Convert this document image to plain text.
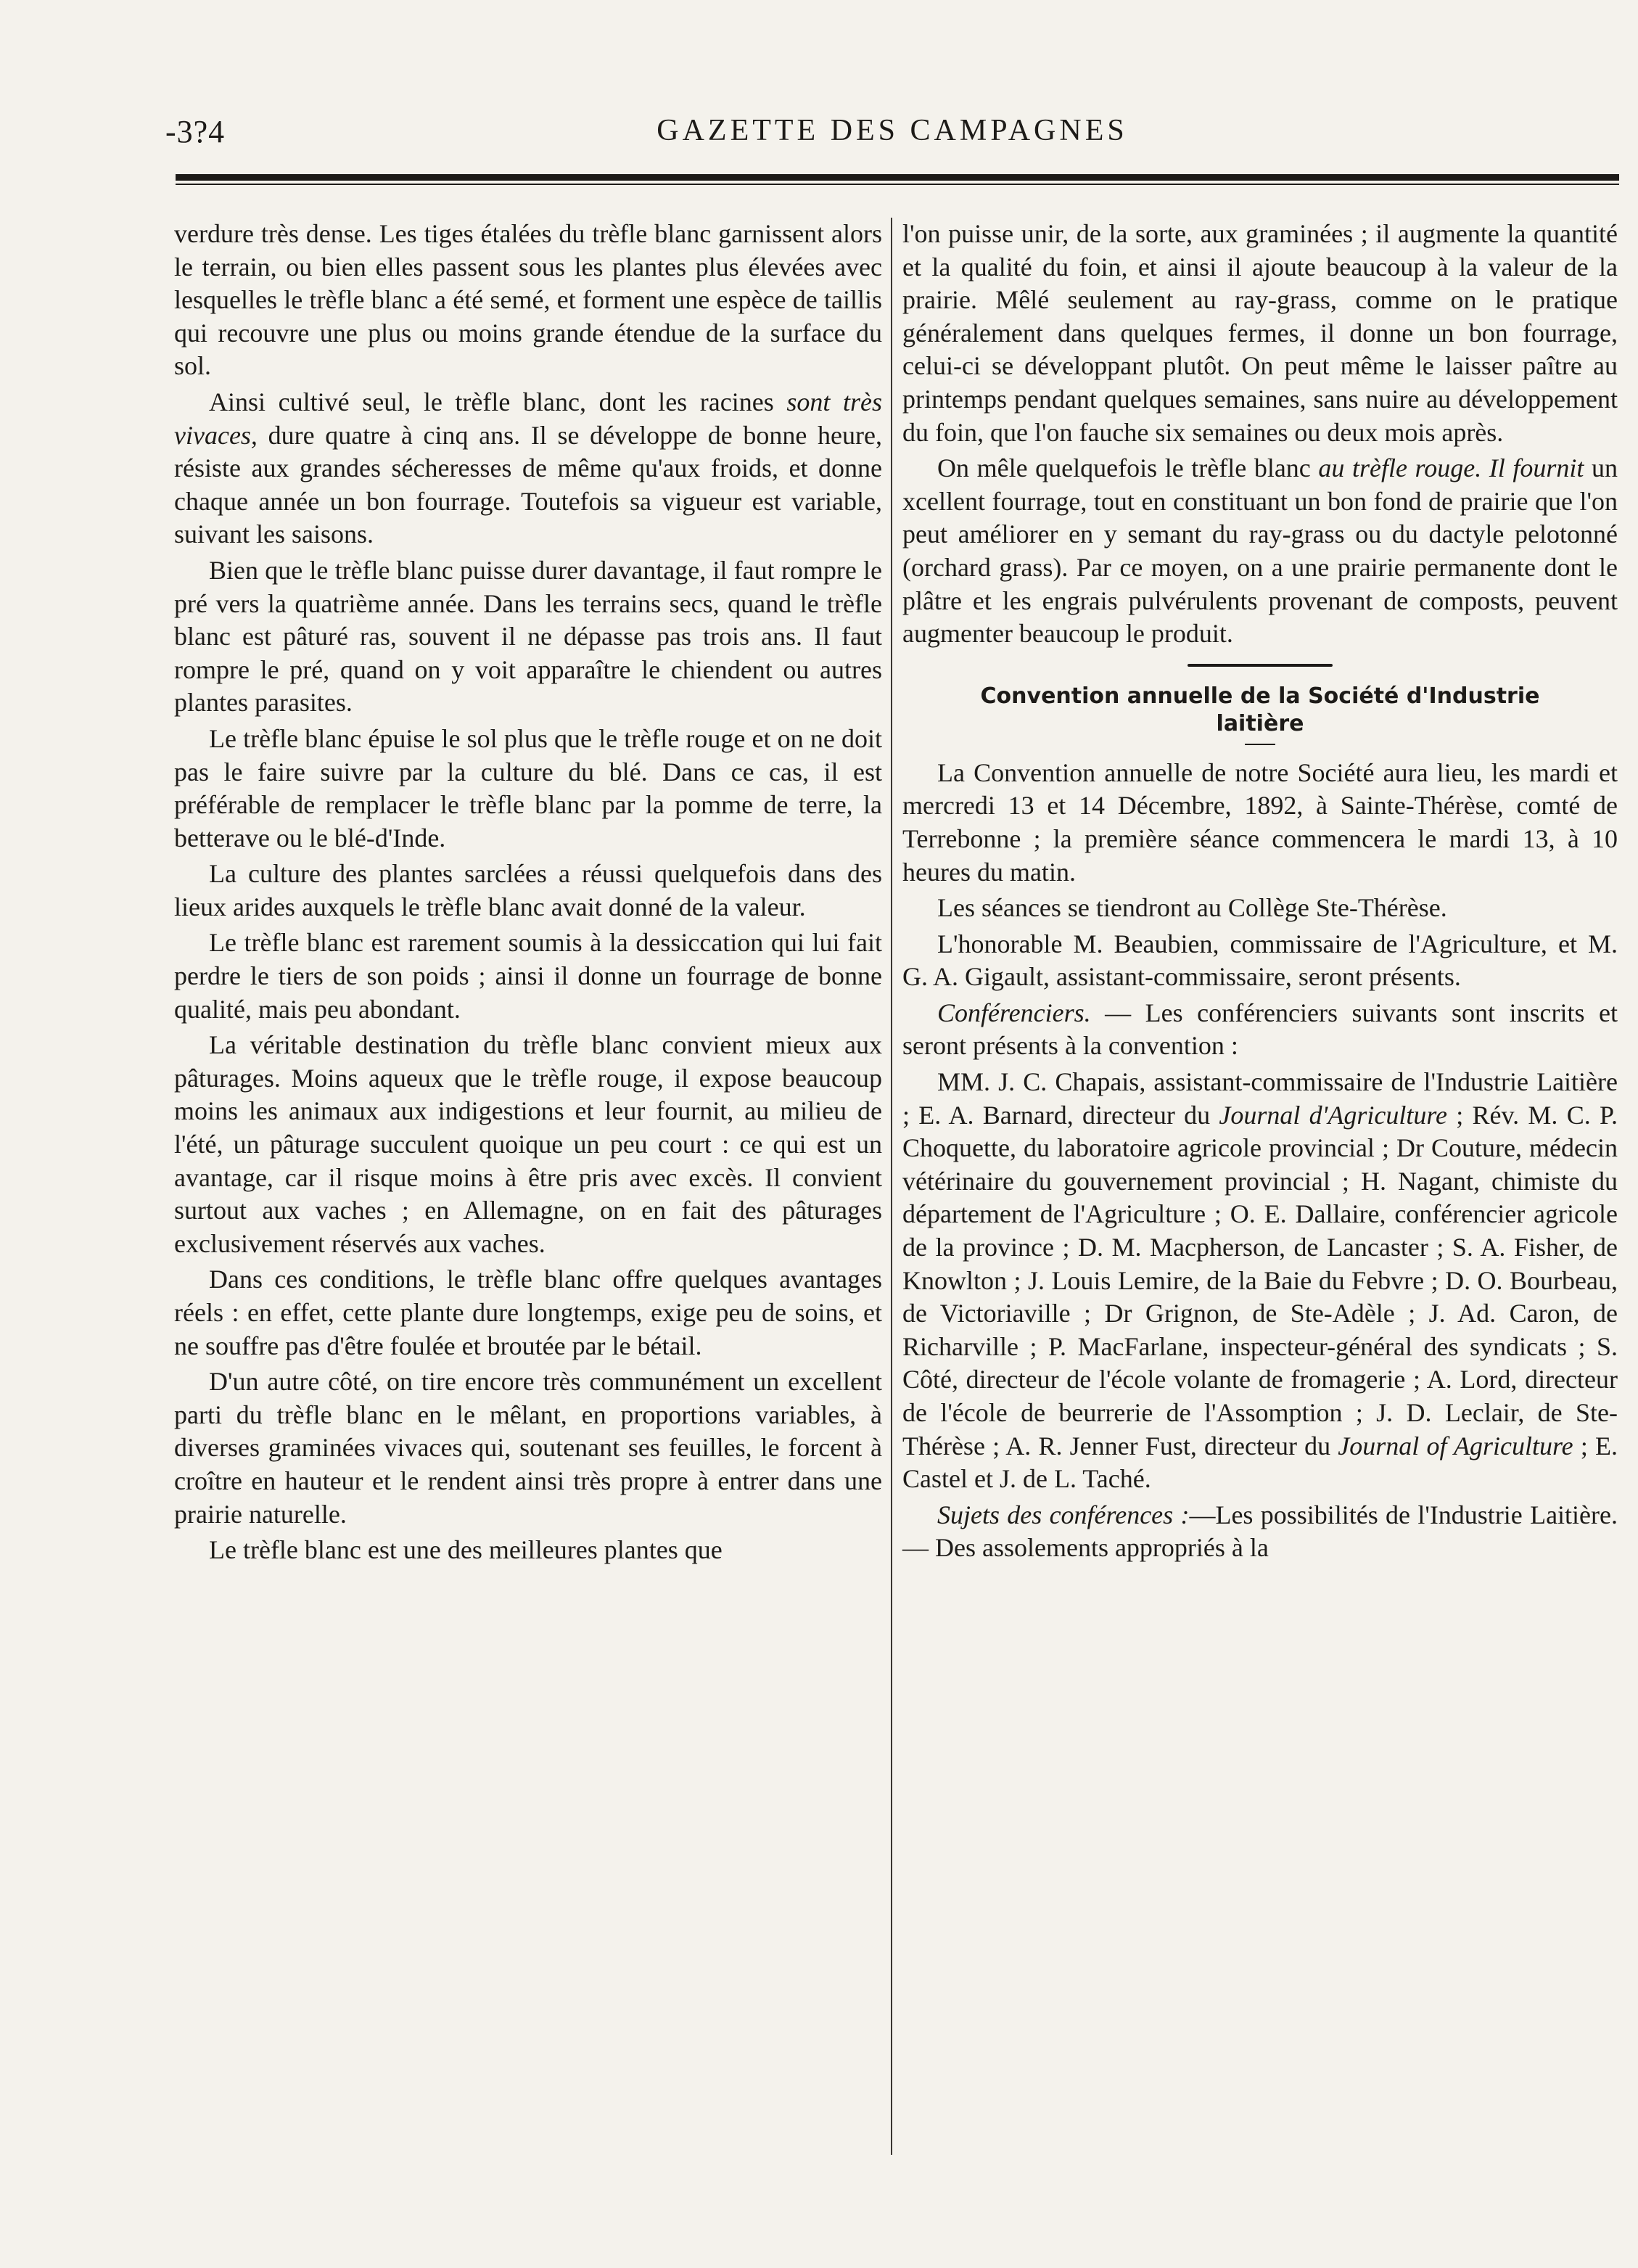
-3?4	GAZETTE DES CAMPAGNES

verdure très dense. Les tiges étalées du trèfle blanc garnissent alors le terrain, ou bien elles passent sous les plantes plus élevées avec lesquelles le trèfle blanc a été semé, et forment une espèce de taillis qui recouvre une plus ou moins grande étendue de la surface du sol.

Ainsi cultivé seul, le trèfle blanc, dont les racines sont très vivaces, dure quatre à cinq ans. Il se développe de bonne heure, résiste aux grandes sécheresses de même qu'aux froids, et donne chaque année un bon fourrage. Toutefois sa vigueur est variable, suivant les saisons.

Bien que le trèfle blanc puisse durer davantage, il faut rompre le pré vers la quatrième année. Dans les terrains secs, quand le trèfle blanc est pâturé ras, souvent il ne dépasse pas trois ans. Il faut rompre le pré, quand on y voit apparaître le chiendent ou autres plantes parasites.

Le trèfle blanc épuise le sol plus que le trèfle rouge et on ne doit pas le faire suivre par la culture du blé. Dans ce cas, il est préférable de remplacer le trèfle blanc par la pomme de terre, la betterave ou le blé-d'Inde.

La culture des plantes sarclées a réussi quelquefois dans des lieux arides auxquels le trèfle blanc avait donné de la valeur.

Le trèfle blanc est rarement soumis à la dessiccation qui lui fait perdre le tiers de son poids ; ainsi il donne un fourrage de bonne qualité, mais peu abondant.

La véritable destination du trèfle blanc convient mieux aux pâturages. Moins aqueux que le trèfle rouge, il expose beaucoup moins les animaux aux indigestions et leur fournit, au milieu de l'été, un pâturage succulent quoique un peu court : ce qui est un avantage, car il risque moins à être pris avec excès. Il convient surtout aux vaches ; en Allemagne, on en fait des pâturages exclusivement réservés aux vaches.

Dans ces conditions, le trèfle blanc offre quelques avantages réels : en effet, cette plante dure longtemps, exige peu de soins, et ne souffre pas d'être foulée et broutée par le bétail.

D'un autre côté, on tire encore très communément un excellent parti du trèfle blanc en le mêlant, en proportions variables, à diverses graminées vivaces qui, soutenant ses feuilles, le forcent à croître en hauteur et le rendent ainsi très propre à entrer dans une prairie naturelle.

Le trèfle blanc est une des meilleures plantes que

l'on puisse unir, de la sorte, aux graminées ; il augmente la quantité et la qualité du foin, et ainsi il ajoute beaucoup à la valeur de la prairie. Mêlé seulement au ray-grass, comme on le pratique généralement dans quelques fermes, il donne un bon fourrage, celui-ci se développant plutôt. On peut même le laisser paître au printemps pendant quelques semaines, sans nuire au développement du foin, que l'on fauche six semaines ou deux mois après.

On mêle quelquefois le trèfle blanc au trèfle rouge. Il fournit un xcellent fourrage, tout en constituant un bon fond de prairie que l'on peut améliorer en y semant du ray-grass ou du dactyle pelotonné (orchard grass). Par ce moyen, on a une prairie permanente dont le plâtre et les engrais pulvérulents provenant de composts, peuvent augmenter beaucoup le produit.

Convention annuelle de la Société d'Industrie
laitière

La Convention annuelle de notre Société aura lieu, les mardi et mercredi 13 et 14 Décembre, 1892, à Sainte-Thérèse, comté de Terrebonne ; la première séance commencera le mardi 13, à 10 heures du matin.

Les séances se tiendront au Collège Ste-Thérèse.

L'honorable M. Beaubien, commissaire de l'Agriculture, et M. G. A. Gigault, assistant-commissaire, seront présents.

Conférenciers. — Les conférenciers suivants sont inscrits et seront présents à la convention :

MM. J. C. Chapais, assistant-commissaire de l'Industrie Laitière ; E. A. Barnard, directeur du Journal d'Agriculture ; Rév. M. C. P. Choquette, du laboratoire agricole provincial ; Dr Couture, médecin vétérinaire du gouvernement provincial ; H. Nagant, chimiste du département de l'Agriculture ; O. E. Dallaire, conférencier agricole de la province ; D. M. Macpherson, de Lancaster ; S. A. Fisher, de Knowlton ; J. Louis Lemire, de la Baie du Febvre ; D. O. Bourbeau, de Victoriaville ; Dr Grignon, de Ste-Adèle ; J. Ad. Caron, de Richarville ; P. MacFarlane, inspecteur-général des syndicats ; S. Côté, directeur de l'école volante de fromagerie ; A. Lord, directeur de l'école de beurrerie de l'Assomption ; J. D. Leclair, de Ste-Thérèse ; A. R. Jenner Fust, directeur du Journal of Agriculture ; E. Castel et J. de L. Taché.

Sujets des conférences :—Les possibilités de l'Industrie Laitière. — Des assolements appropriés à la
